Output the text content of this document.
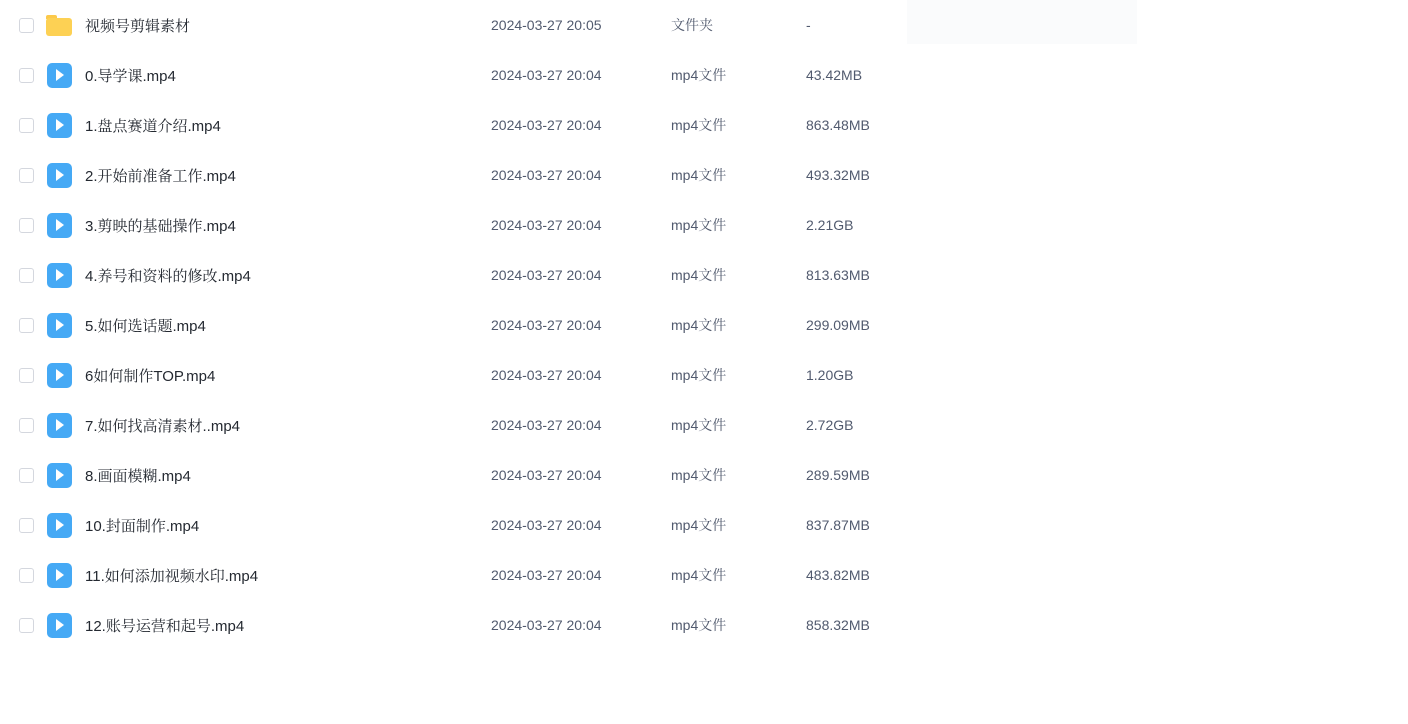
视频号剪辑素材	2024-03-27 20:05	文件夹	-
0.导学课.mp4	2024-03-27 20:04	mp4文件	43.42MB
1.盘点赛道介绍.mp4	2024-03-27 20:04	mp4文件	863.48MB
2.开始前准备工作.mp4	2024-03-27 20:04	mp4文件	493.32MB
3.剪映的基础操作.mp4	2024-03-27 20:04	mp4文件	2.21GB
4.养号和资料的修改.mp4	2024-03-27 20:04	mp4文件	813.63MB
5.如何选话题.mp4	2024-03-27 20:04	mp4文件	299.09MB
6如何制作TOP.mp4	2024-03-27 20:04	mp4文件	1.20GB
7.如何找高清素材..mp4	2024-03-27 20:04	mp4文件	2.72GB
8.画面模糊.mp4	2024-03-27 20:04	mp4文件	289.59MB
10.封面制作.mp4	2024-03-27 20:04	mp4文件	837.87MB
11.如何添加视频水印.mp4	2024-03-27 20:04	mp4文件	483.82MB
12.账号运营和起号.mp4	2024-03-27 20:04	mp4文件	858.32MB
